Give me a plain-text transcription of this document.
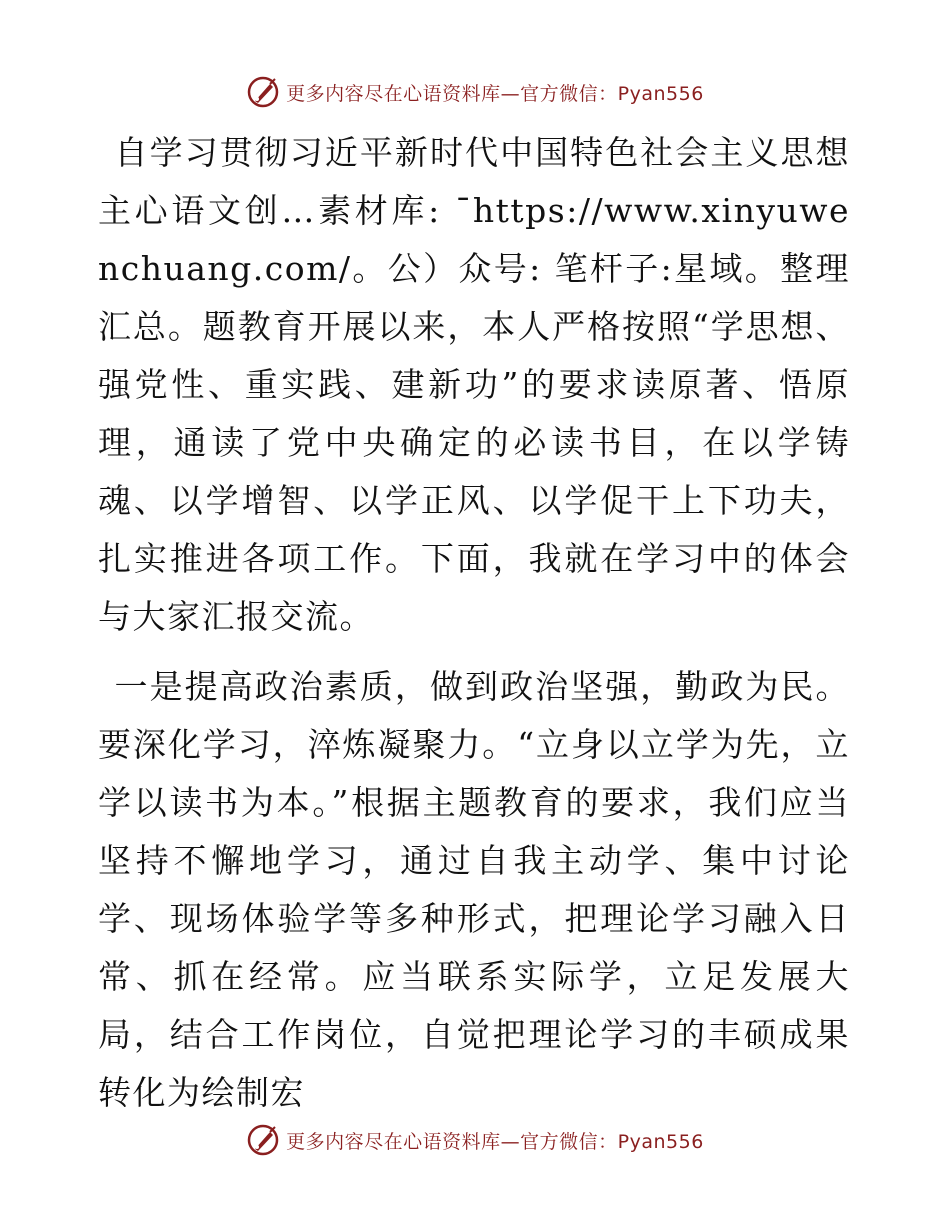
更多内容尽在心语资料库—官方微信：Pyan556

自学习贯彻习近平新时代中国特色社会主义思想主心语文创…素材库: ¯https://www.xinyuwenchuang.com/。公）众号: 笔杆子:星域。整理汇总。题教育开展以来，本人严格按照“学思想、强党性、重实践、建新功”的要求读原著、悟原理，通读了党中央确定的必读书目，在以学铸魂、以学增智、以学正风、以学促干上下功夫，扎实推进各项工作。下面，我就在学习中的体会与大家汇报交流。

一是提高政治素质，做到政治坚强，勤政为民。要深化学习，淬炼凝聚力。“立身以立学为先，立学以读书为本。”根据主题教育的要求，我们应当坚持不懈地学习，通过自我主动学、集中讨论学、现场体验学等多种形式，把理论学习融入日常、抓在经常。应当联系实际学，立足发展大局，结合工作岗位，自觉把理论学习的丰硕成果转化为绘制宏

更多内容尽在心语资料库—官方微信：Pyan556
